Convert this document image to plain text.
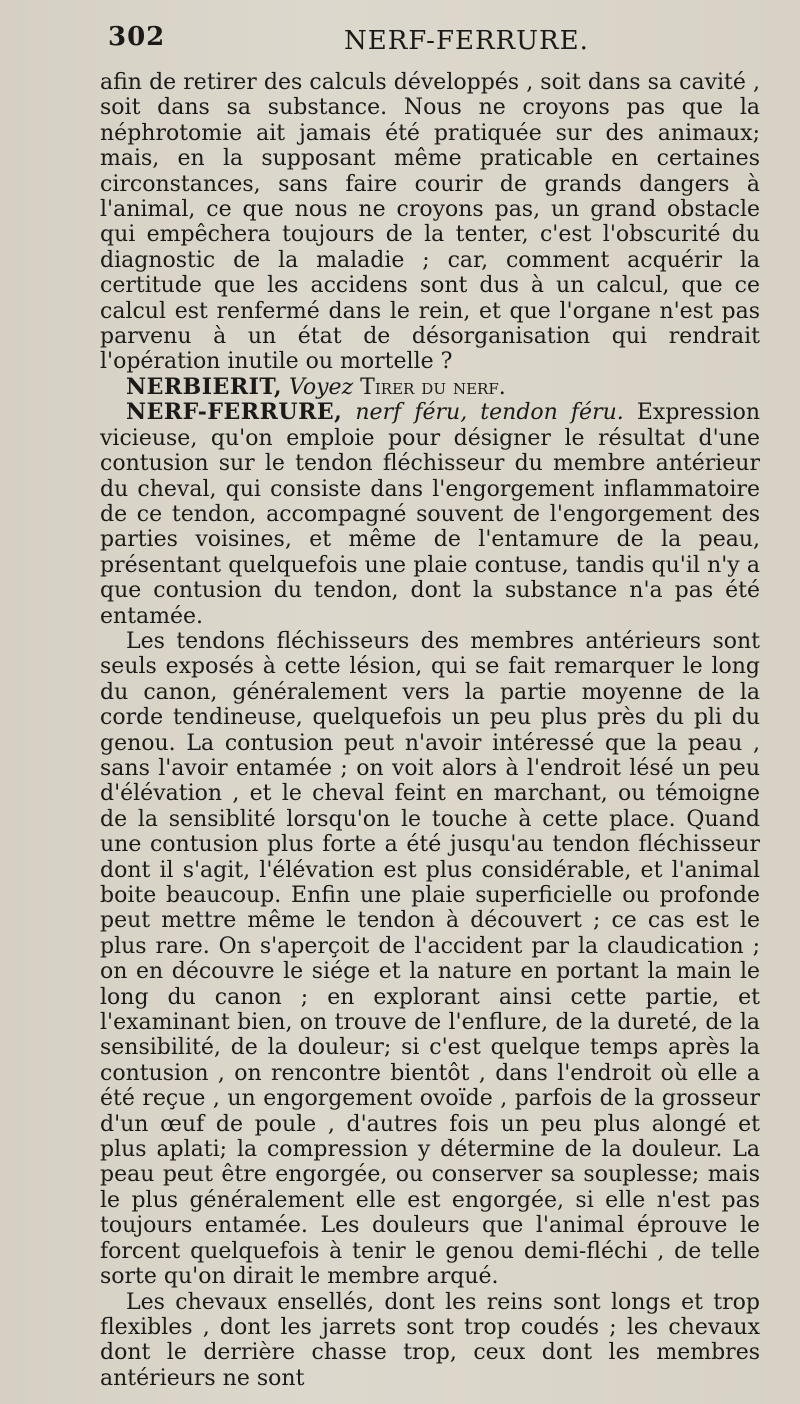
302	NERF-FERRURE.

afin de retirer des calculs développés , soit dans sa cavité , soit dans sa substance. Nous ne croyons pas que la néphrotomie ait jamais été pratiquée sur des animaux; mais, en la supposant même praticable en certaines circonstances, sans faire courir de grands dangers à l'animal, ce que nous ne croyons pas, un grand obstacle qui empêchera toujours de la tenter, c'est l'obscurité du diagnostic de la maladie ; car, comment acquérir la certitude que les accidens sont dus à un calcul, que ce calcul est renfermé dans le rein, et que l'organe n'est pas parvenu à un état de désorganisation qui rendrait l'opération inutile ou mortelle ?

NERBIERIT, Voyez Tirer du nerf.

NERF-FERRURE, nerf féru, tendon féru. Expression vicieuse, qu'on emploie pour désigner le résultat d'une contusion sur le tendon fléchisseur du membre antérieur du cheval, qui consiste dans l'engorgement inflammatoire de ce tendon, accompagné souvent de l'engorgement des parties voisines, et même de l'entamure de la peau, présentant quelquefois une plaie contuse, tandis qu'il n'y a que contusion du tendon, dont la substance n'a pas été entamée.

Les tendons fléchisseurs des membres antérieurs sont seuls exposés à cette lésion, qui se fait remarquer le long du canon, généralement vers la partie moyenne de la corde tendineuse, quelquefois un peu plus près du pli du genou. La contusion peut n'avoir intéressé que la peau , sans l'avoir entamée ; on voit alors à l'endroit lésé un peu d'élévation , et le cheval feint en marchant, ou témoigne de la sensiblité lorsqu'on le touche à cette place. Quand une contusion plus forte a été jusqu'au tendon fléchisseur dont il s'agit, l'élévation est plus considérable, et l'animal boite beaucoup. Enfin une plaie superficielle ou profonde peut mettre même le tendon à découvert ; ce cas est le plus rare. On s'aperçoit de l'accident par la claudication ; on en découvre le siége et la nature en portant la main le long du canon ; en explorant ainsi cette partie, et l'examinant bien, on trouve de l'enflure, de la dureté, de la sensibilité, de la douleur; si c'est quelque temps après la contusion , on rencontre bientôt , dans l'endroit où elle a été reçue , un engorgement ovoïde , parfois de la grosseur d'un œuf de poule , d'autres fois un peu plus alongé et plus aplati; la compression y détermine de la douleur. La peau peut être engorgée, ou conserver sa souplesse; mais le plus généralement elle est engorgée, si elle n'est pas toujours entamée. Les douleurs que l'animal éprouve le forcent quelquefois à tenir le genou demi-fléchi , de telle sorte qu'on dirait le membre arqué.

Les chevaux ensellés, dont les reins sont longs et trop flexibles , dont les jarrets sont trop coudés ; les chevaux dont le derrière chasse trop, ceux dont les membres antérieurs ne sont
